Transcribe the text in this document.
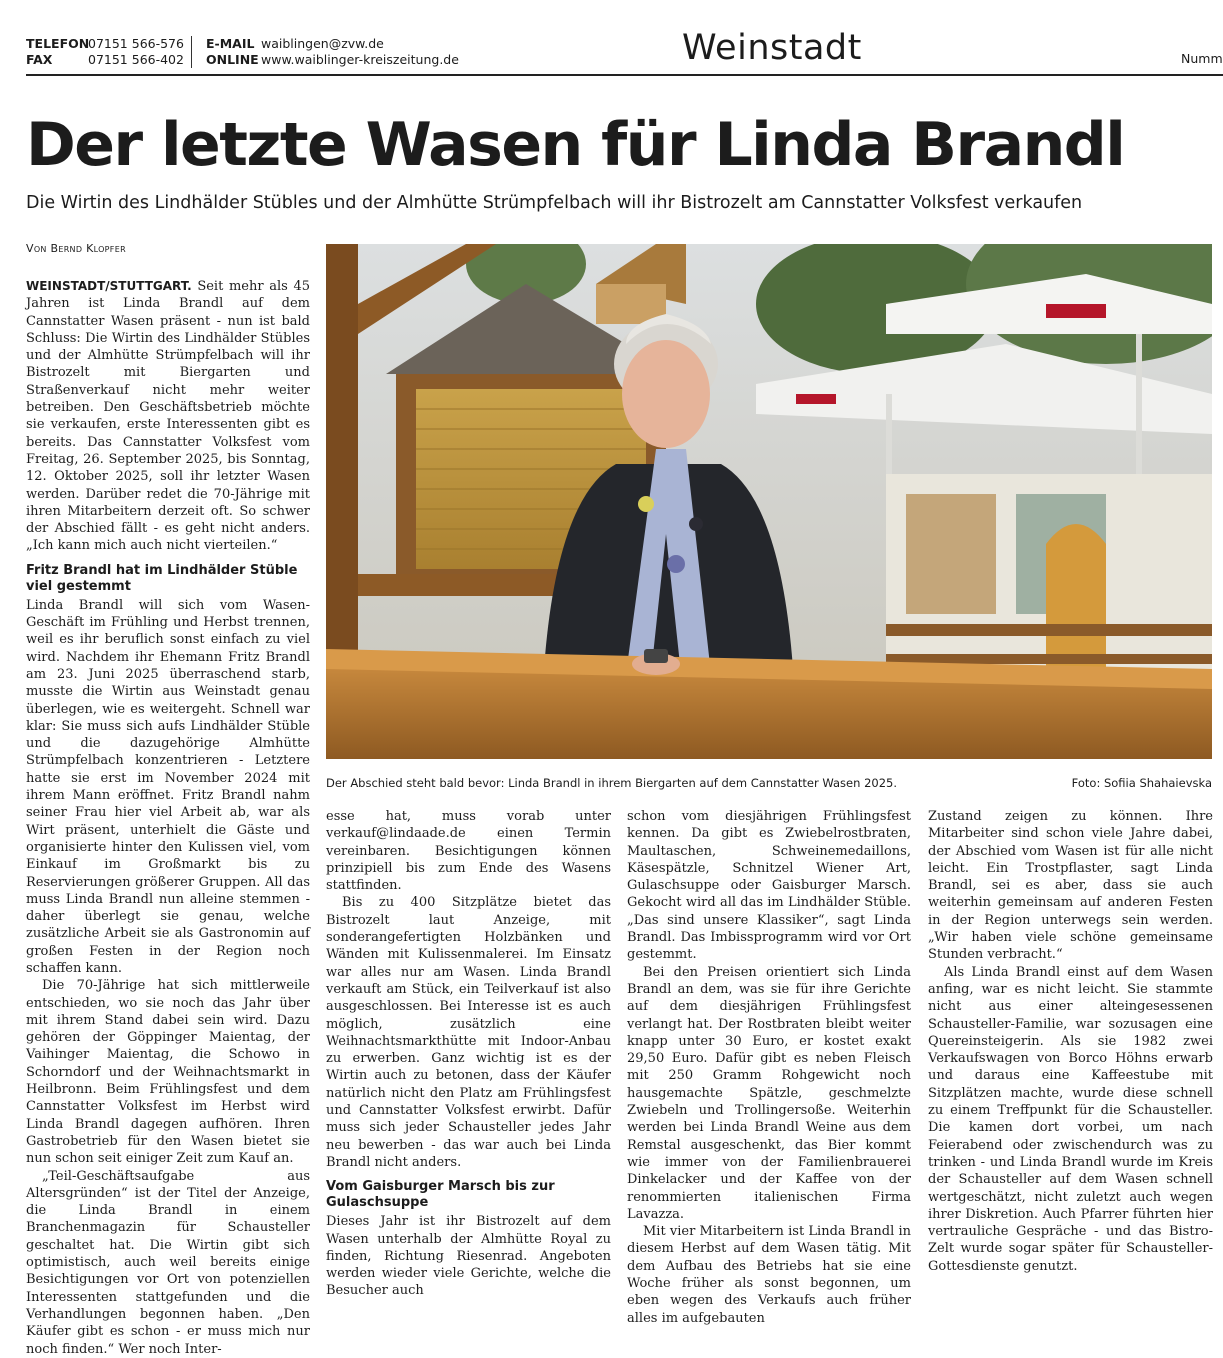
TELEFON
FAX
07151 566-576
07151 566-402
E-MAIL
ONLINE
waiblingen@zvw.de
www.waiblinger-kreiszeitung.de	Weinstadt	Numm
Der letzte Wasen für Linda Brandl
Die Wirtin des Lindhälder Stübles und der Almhütte Strümpfelbach will ihr Bistrozelt am Cannstatter Volksfest verkaufen
Von Bernd Klopfer

WEINSTADT/STUTTGART. Seit mehr als 45 Jahren ist Linda Brandl auf dem Cannstatter Wasen präsent - nun ist bald Schluss: Die Wirtin des Lindhälder Stübles und der Almhütte Strümpfelbach will ihr Bistrozelt mit Biergarten und Straßenverkauf nicht mehr weiter betreiben. Den Geschäftsbetrieb möchte sie verkaufen, erste Interessenten gibt es bereits. Das Cannstatter Volksfest vom Freitag, 26. September 2025, bis Sonntag, 12. Oktober 2025, soll ihr letzter Wasen werden. Darüber redet die 70-Jährige mit ihren Mitarbeitern derzeit oft. So schwer der Abschied fällt - es geht nicht anders. „Ich kann mich auch nicht vierteilen.“

Fritz Brandl hat im Lindhälder Stüble viel gestemmt

Linda Brandl will sich vom Wasen-Geschäft im Frühling und Herbst trennen, weil es ihr beruflich sonst einfach zu viel wird. Nachdem ihr Ehemann Fritz Brandl am 23. Juni 2025 überraschend starb, musste die Wirtin aus Weinstadt genau überlegen, wie es weitergeht. Schnell war klar: Sie muss sich aufs Lindhälder Stüble und die dazugehörige Almhütte Strümpfelbach konzentrieren - Letztere hatte sie erst im November 2024 mit ihrem Mann eröffnet. Fritz Brandl nahm seiner Frau hier viel Arbeit ab, war als Wirt präsent, unterhielt die Gäste und organisierte hinter den Kulissen viel, vom Einkauf im Großmarkt bis zu Reservierungen größerer Gruppen. All das muss Linda Brandl nun alleine stemmen - daher überlegt sie genau, welche zusätzliche Arbeit sie als Gastronomin auf großen Festen in der Region noch schaffen kann.

Die 70-Jährige hat sich mittlerweile entschieden, wo sie noch das Jahr über mit ihrem Stand dabei sein wird. Dazu gehören der Göppinger Maientag, der Vaihinger Maientag, die Schowo in Schorndorf und der Weihnachtsmarkt in Heilbronn. Beim Frühlingsfest und dem Cannstatter Volksfest im Herbst wird Linda Brandl dagegen aufhören. Ihren Gastrobetrieb für den Wasen bietet sie nun schon seit einiger Zeit zum Kauf an.

„Teil-Geschäftsaufgabe aus Altersgründen“ ist der Titel der Anzeige, die Linda Brandl in einem Branchenmagazin für Schausteller geschaltet hat. Die Wirtin gibt sich optimistisch, auch weil bereits einige Besichtigungen vor Ort von potenziellen Interessenten stattgefunden und die Verhandlungen begonnen haben. „Den Käufer gibt es schon - er muss mich nur noch finden.“ Wer noch Inter-

Der Abschied steht bald bevor: Linda Brandl in ihrem Biergarten auf dem Cannstatter Wasen 2025.	Foto: Sofiia Shahaievska

esse hat, muss vorab unter verkauf@lindaade.de einen Termin vereinbaren. Besichtigungen können prinzipiell bis zum Ende des Wasens stattfinden.

Bis zu 400 Sitzplätze bietet das Bistrozelt laut Anzeige, mit sonderangefertigten Holzbänken und Wänden mit Kulissenmalerei. Im Einsatz war alles nur am Wasen. Linda Brandl verkauft am Stück, ein Teilverkauf ist also ausgeschlossen. Bei Interesse ist es auch möglich, zusätzlich eine Weihnachtsmarkthütte mit Indoor-Anbau zu erwerben. Ganz wichtig ist es der Wirtin auch zu betonen, dass der Käufer natürlich nicht den Platz am Frühlingsfest und Cannstatter Volksfest erwirbt. Dafür muss sich jeder Schausteller jedes Jahr neu bewerben - das war auch bei Linda Brandl nicht anders.

Vom Gaisburger Marsch bis zur Gulaschsuppe

Dieses Jahr ist ihr Bistrozelt auf dem Wasen unterhalb der Almhütte Royal zu finden, Richtung Riesenrad. Angeboten werden wieder viele Gerichte, welche die Besucher auch

schon vom diesjährigen Frühlingsfest kennen. Da gibt es Zwiebelrostbraten, Maultaschen, Schweinemedaillons, Käsespätzle, Schnitzel Wiener Art, Gulaschsuppe oder Gaisburger Marsch. Gekocht wird all das im Lindhälder Stüble. „Das sind unsere Klassiker“, sagt Linda Brandl. Das Imbissprogramm wird vor Ort gestemmt.

Bei den Preisen orientiert sich Linda Brandl an dem, was sie für ihre Gerichte auf dem diesjährigen Frühlingsfest verlangt hat. Der Rostbraten bleibt weiter knapp unter 30 Euro, er kostet exakt 29,50 Euro. Dafür gibt es neben Fleisch mit 250 Gramm Rohgewicht noch hausgemachte Spätzle, geschmelzte Zwiebeln und Trollingersoße. Weiterhin werden bei Linda Brandl Weine aus dem Remstal ausgeschenkt, das Bier kommt wie immer von der Familienbrauerei Dinkelacker und der Kaffee von der renommierten italienischen Firma Lavazza.

Mit vier Mitarbeitern ist Linda Brandl in diesem Herbst auf dem Wasen tätig. Mit dem Aufbau des Betriebs hat sie eine Woche früher als sonst begonnen, um eben wegen des Verkaufs auch früher alles im aufgebauten

Zustand zeigen zu können. Ihre Mitarbeiter sind schon viele Jahre dabei, der Abschied vom Wasen ist für alle nicht leicht. Ein Trostpflaster, sagt Linda Brandl, sei es aber, dass sie auch weiterhin gemeinsam auf anderen Festen in der Region unterwegs sein werden. „Wir haben viele schöne gemeinsame Stunden verbracht.“

Als Linda Brandl einst auf dem Wasen anfing, war es nicht leicht. Sie stammte nicht aus einer alteingesessenen Schausteller-Familie, war sozusagen eine Quereinsteigerin. Als sie 1982 zwei Verkaufswagen von Borco Höhns erwarb und daraus eine Kaffeestube mit Sitzplätzen machte, wurde diese schnell zu einem Treffpunkt für die Schausteller. Die kamen dort vorbei, um nach Feierabend oder zwischendurch was zu trinken - und Linda Brandl wurde im Kreis der Schausteller auf dem Wasen schnell wertgeschätzt, nicht zuletzt auch wegen ihrer Diskretion. Auch Pfarrer führten hier vertrauliche Gespräche - und das Bistro-Zelt wurde sogar später für Schausteller-Gottesdienste genutzt.
